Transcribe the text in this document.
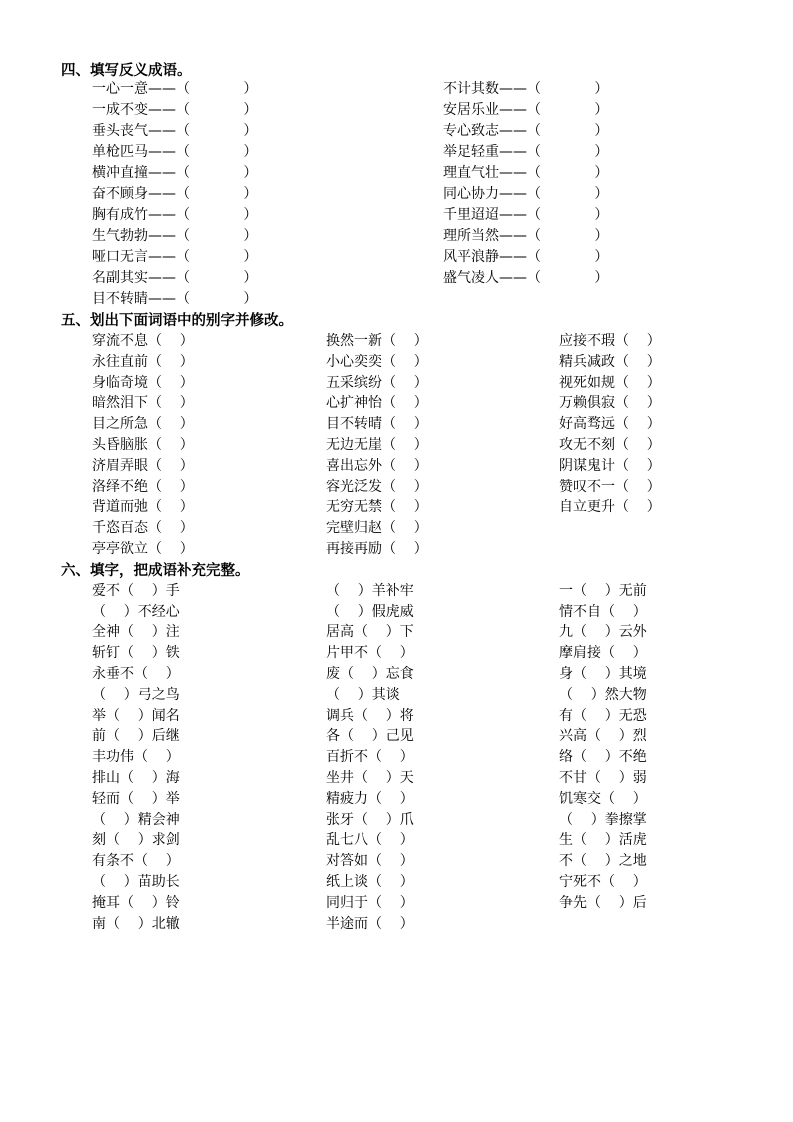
四、填写反义成语。
一心一意——（            ）
一成不变——（            ）
垂头丧气——（            ）
单枪匹马——（            ）
横冲直撞——（            ）
奋不顾身——（            ）
胸有成竹——（            ）
生气勃勃——（            ）
哑口无言——（            ）
名副其实——（            ）
目不转睛——（            ）
不计其数——（            ）
安居乐业——（            ）
专心致志——（            ）
举足轻重——（            ）
理直气壮——（            ）
同心协力——（            ）
千里迢迢——（            ）
理所当然——（            ）
风平浪静——（            ）
盛气凌人——（            ）
五、划出下面词语中的别字并修改。
穿流不息（    ）
永往直前（    ）
身临奇境（    ）
暗然泪下（    ）
目之所急（    ）
头昏脑胀（    ）
济眉弄眼（    ）
洛绎不绝（    ）
背道而弛（    ）
千恣百态（    ）
亭亭欲立（    ）
换然一新（    ）
小心奕奕（    ）
五采缤纷（    ）
心扩神怡（    ）
目不转晴（    ）
无边无崖（    ）
喜出忘外（    ）
容光泛发（    ）
无穷无禁（    ）
完壁归赵（    ）
再接再励（    ）
应接不瑕（    ）
精兵减政（    ）
视死如规（    ）
万赖俱寂（    ）
好高骛远（    ）
攻无不刻（    ）
阴谋鬼计（    ）
赞叹不一（    ）
自立更升（    ）
六、填字，把成语补充完整。
爱不（    ）手
（    ）不经心
全神（    ）注
斩钉（    ）铁
永垂不（    ）
（    ）弓之鸟
举（    ）闻名
前（    ）后继
丰功伟（    ）
排山（    ）海
轻而（    ）举
（    ）精会神
刻（    ）求剑
有条不（    ）
（    ）苗助长
掩耳（    ）铃
南（    ）北辙
（    ）羊补牢
（    ）假虎威
居高（    ）下
片甲不（    ）
废（    ）忘食
（    ）其谈
调兵（    ）将
各（    ）己见
百折不（    ）
坐井（    ）天
精疲力（    ）
张牙（    ）爪
乱七八（    ）
对答如（    ）
纸上谈（    ）
同归于（    ）
半途而（    ）
一（    ）无前
情不自（    ）
九（    ）云外
摩肩接（    ）
身（    ）其境
（    ）然大物
有（    ）无恐
兴高（    ）烈
络（    ）不绝
不甘（    ）弱
饥寒交（    ）
（    ）拳擦掌
生（    ）活虎
不（    ）之地
宁死不（    ）
争先（    ）后
